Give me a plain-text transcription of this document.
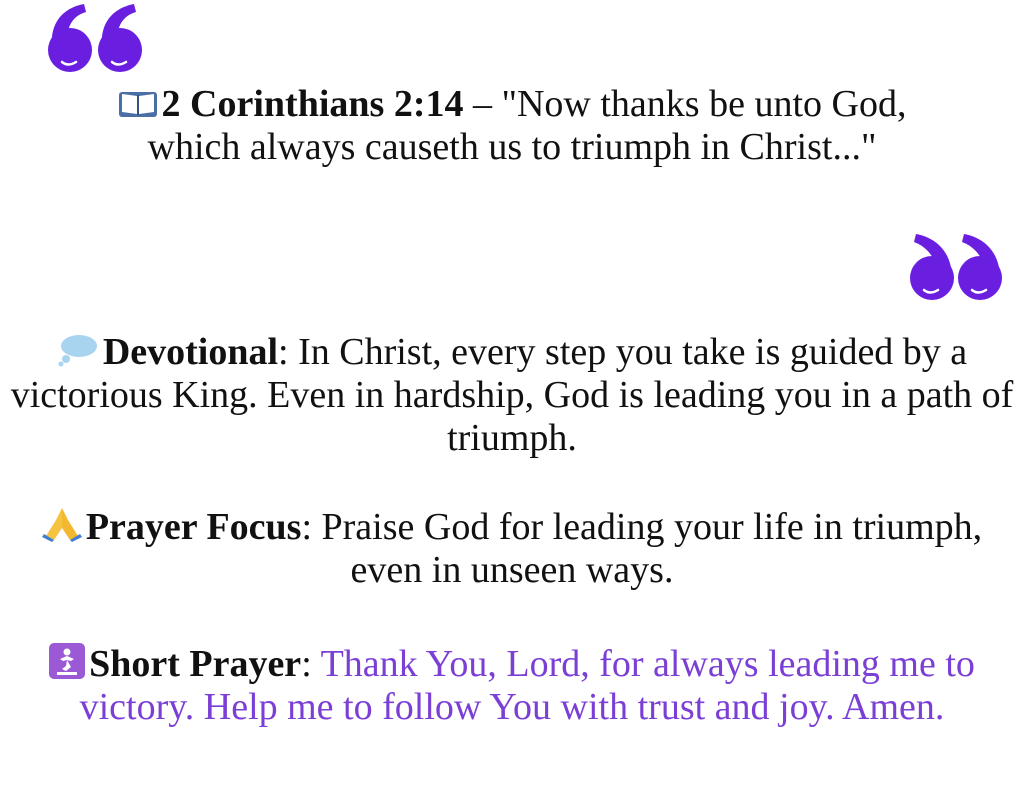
2 Corinthians 2:14 – "Now thanks be unto God, which always causeth us to triumph in Christ..."
Devotional: In Christ, every step you take is guided by a victorious King. Even in hardship, God is leading you in a path of triumph.
Prayer Focus: Praise God for leading your life in triumph, even in unseen ways.
Short Prayer: Thank You, Lord, for always leading me to victory. Help me to follow You with trust and joy. Amen.
